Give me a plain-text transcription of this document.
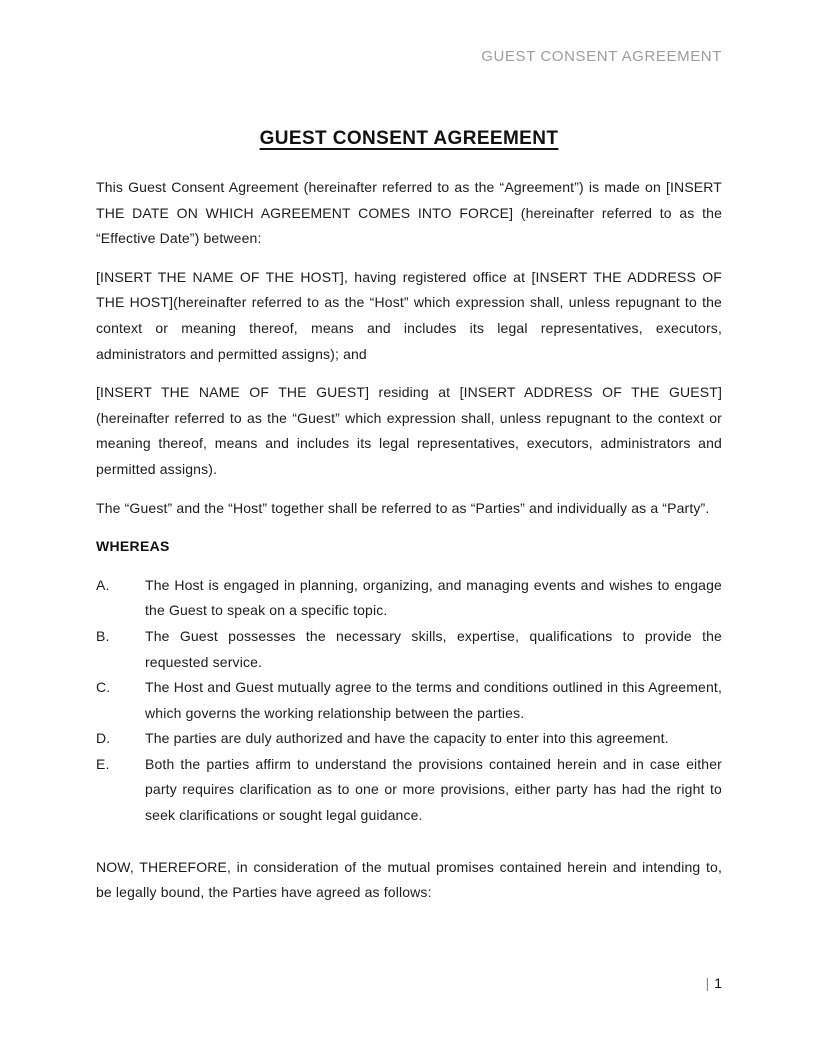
GUEST CONSENT AGREEMENT
GUEST CONSENT AGREEMENT

This Guest Consent Agreement (hereinafter referred to as the “Agreement”) is made on [INSERT THE DATE ON WHICH AGREEMENT COMES INTO FORCE] (hereinafter referred to as the “Effective Date”) between:

[INSERT THE NAME OF THE HOST], having registered office at [INSERT THE ADDRESS OF THE HOST](hereinafter referred to as the “Host” which expression shall, unless repugnant to the context or meaning thereof, means and includes its legal representatives, executors, administrators and permitted assigns); and

[INSERT THE NAME OF THE GUEST] residing at [INSERT ADDRESS OF THE GUEST] (hereinafter referred to as the “Guest” which expression shall, unless repugnant to the context or meaning thereof, means and includes its legal representatives, executors, administrators and permitted assigns).

The “Guest” and the “Host” together shall be referred to as “Parties” and individually as a “Party”.

WHEREAS
A.	The Host is engaged in planning, organizing, and managing events and wishes to engage the Guest to speak on a specific topic.
B.	The Guest possesses the necessary skills, expertise, qualifications to provide the requested service.
C.	The Host and Guest mutually agree to the terms and conditions outlined in this Agreement, which governs the working relationship between the parties.
D.	The parties are duly authorized and have the capacity to enter into this agreement.
E.	Both the parties affirm to understand the provisions contained herein and in case either party requires clarification as to one or more provisions, either party has had the right to seek clarifications or sought legal guidance.

NOW, THEREFORE, in consideration of the mutual promises contained herein and intending to, be legally bound, the Parties have agreed as follows:

| 1
